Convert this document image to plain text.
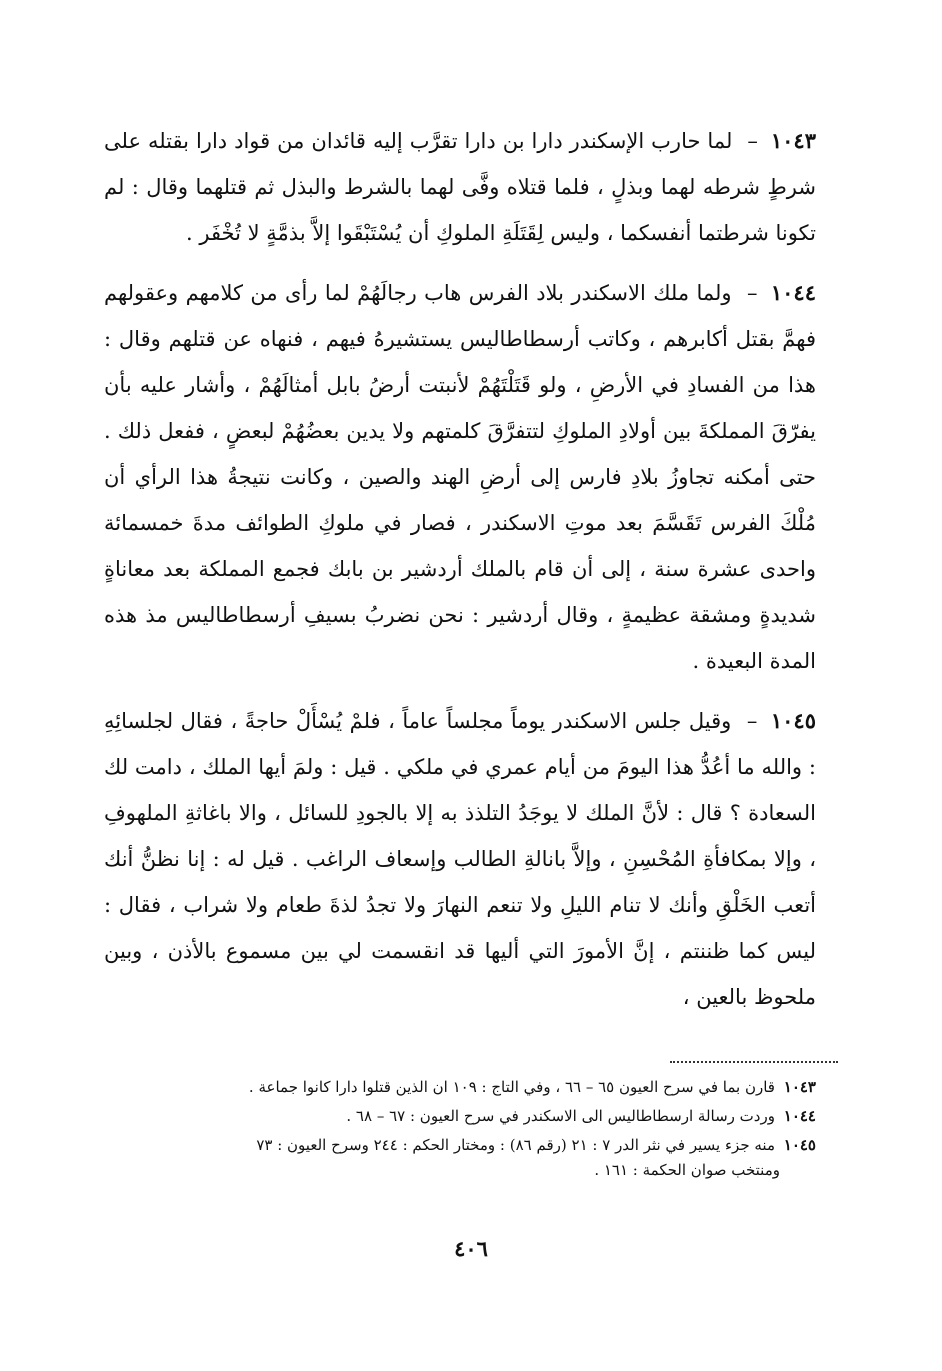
١٠٤٣ – لما حارب الإسكندر دارا بن دارا تقرَّب إليه قائدان من قواد دارا بقتله على شرطٍ شرطه لهما وبذلٍ ، فلما قتلاه وفَّى لهما بالشرط والبذل ثم قتلهما وقال : لم تكونا شرطتما أنفسكما ، وليس لِقَتَلَةِ الملوكِ أن يُسْتَبْقَوا إلاَّ بذمَّةٍ لا تُخْفَر .

١٠٤٤ – ولما ملك الاسكندر بلاد الفرس هاب رجالَهُمْ لما رأى من كلامهم وعقولهم فهمَّ بقتل أكابرهم ، وكاتب أرسطاطاليس يستشيرهُ فيهم ، فنهاه عن قتلهم وقال : هذا من الفسادِ في الأرضِ ، ولو قَتَلْتَهُمْ لأنبتت أرضُ بابل أمثالَهُمْ ، وأشار عليه بأن يفرّقَ المملكةَ بين أولادِ الملوكِ لتتفرَّقَ كلمتهم ولا يدين بعضُهُمْ لبعضٍ ، ففعل ذلك . حتى أمكنه تجاوزُ بلادِ فارس إلى أرضِ الهند والصين ، وكانت نتيجةُ هذا الرأي أن مُلْكَ الفرس تَقَسَّمَ بعد موتِ الاسكندر ، فصار في ملوكِ الطوائف مدةَ خمسمائة واحدى عشرة سنة ، إلى أن قام بالملك أردشير بن بابك فجمع المملكة بعد معاناةٍ شديدةٍ ومشقة عظيمةٍ ، وقال أردشير : نحن نضربُ بسيفِ أرسطاطاليس مذ هذه المدة البعيدة .

١٠٤٥ – وقيل جلس الاسكندر يوماً مجلساً عاماً ، فلمْ يُسْأَلْ حاجةً ، فقال لجلسائِهِ : والله ما أعُدُّ هذا اليومَ من أيام عمري في ملكي . قيل : ولمَ أيها الملك ، دامت لك السعادة ؟ قال : لأنَّ الملك لا يوجَدُ التلذذ به إلا بالجودِ للسائل ، والا باغاثةِ الملهوفِ ، وإلا بمكافأةِ المُحْسِنِ ، وإلاَّ بانالةِ الطالب وإسعاف الراغب . قيل له : إنا نظنُّ أنك أتعب الخَلْقِ وأنك لا تنام الليلِ ولا تنعم النهارَ ولا تجدُ لذةَ طعام ولا شراب ، فقال : ليس كما ظننتم ، إنَّ الأمورَ التي أليها قد انقسمت لي بين مسموع بالأذن ، وبين ملحوظ بالعين ،

١٠٤٣ قارن بما في سرح العيون ٦٥ – ٦٦ ، وفي التاج : ١٠٩ ان الذين قتلوا دارا كانوا جماعة .

١٠٤٤ وردت رسالة ارسطاطاليس الى الاسكندر في سرح العيون : ٦٧ – ٦٨ .

١٠٤٥ منه جزء يسير في نثر الدر ٧ : ٢١ (رقم ٨٦) : ومختار الحكم : ٢٤٤ وسرح العيون : ٧٣
ومنتخب صوان الحكمة : ١٦١ .

٤٠٦
